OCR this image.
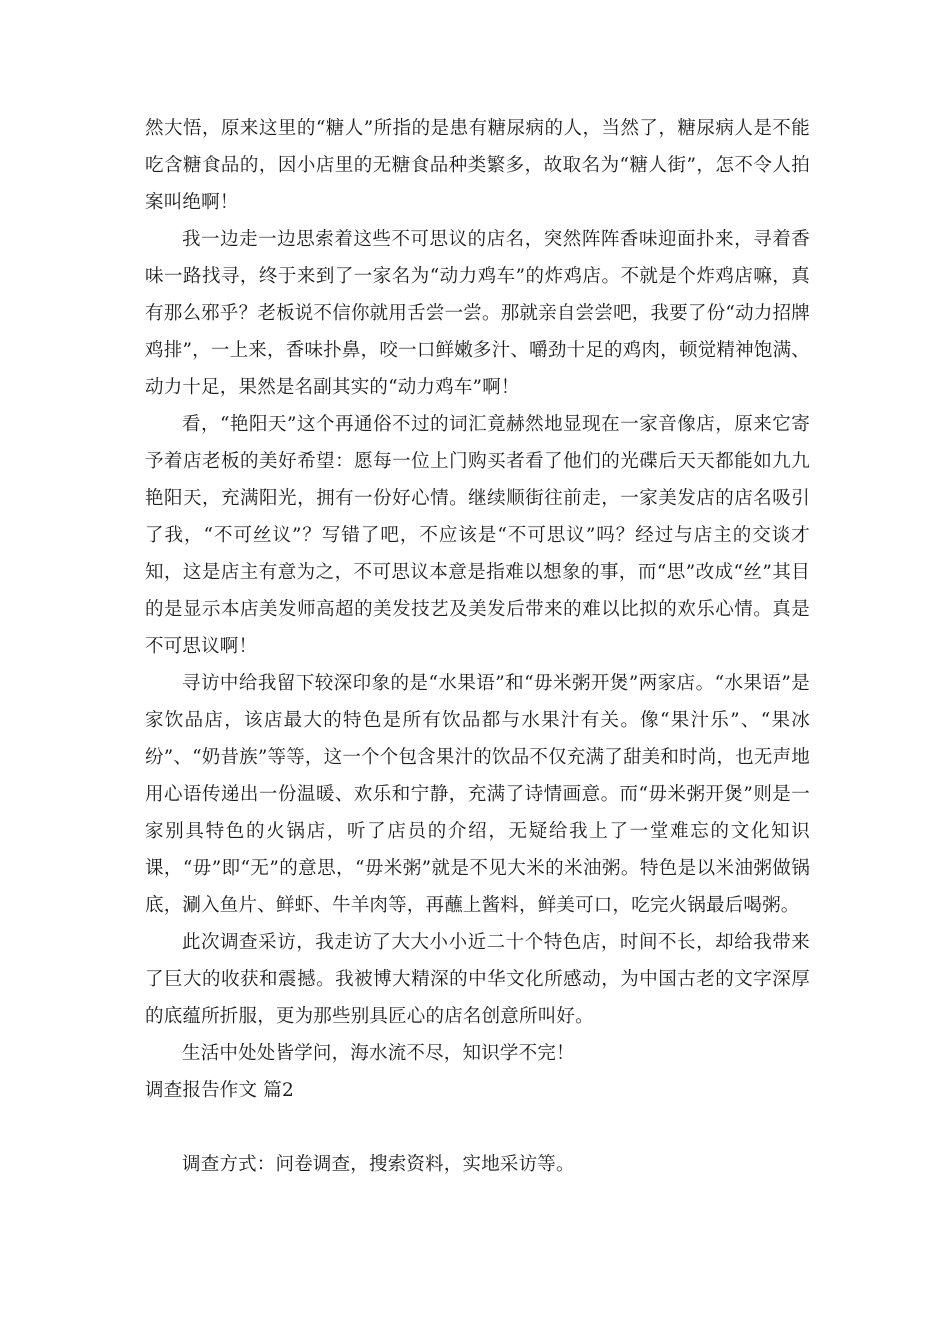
然大悟，原来这里的“糖人”所指的是患有糖尿病的人，当然了，糖尿病人是不能吃含糖食品的，因小店里的无糖食品种类繁多，故取名为“糖人街”，怎不令人拍案叫绝啊！

我一边走一边思索着这些不可思议的店名，突然阵阵香味迎面扑来，寻着香味一路找寻，终于来到了一家名为“动力鸡车”的炸鸡店。不就是个炸鸡店嘛，真有那么邪乎？老板说不信你就用舌尝一尝。那就亲自尝尝吧，我要了份“动力招牌鸡排”，一上来，香味扑鼻，咬一口鲜嫩多汁、嚼劲十足的鸡肉，顿觉精神饱满、动力十足，果然是名副其实的“动力鸡车”啊！

看，“艳阳天”这个再通俗不过的词汇竟赫然地显现在一家音像店，原来它寄予着店老板的美好希望：愿每一位上门购买者看了他们的光碟后天天都能如九九艳阳天，充满阳光，拥有一份好心情。继续顺街往前走，一家美发店的店名吸引了我，“不可丝议”？写错了吧，不应该是“不可思议”吗？经过与店主的交谈才知，这是店主有意为之，不可思议本意是指难以想象的事，而“思”改成“丝”其目的是显示本店美发师高超的美发技艺及美发后带来的难以比拟的欢乐心情。真是不可思议啊！

寻访中给我留下较深印象的是“水果语”和“毋米粥开煲”两家店。“水果语”是家饮品店，该店最大的特色是所有饮品都与水果汁有关。像“果汁乐”、“果冰纷”、“奶昔族”等等，这一个个包含果汁的饮品不仅充满了甜美和时尚，也无声地用心语传递出一份温暖、欢乐和宁静，充满了诗情画意。而“毋米粥开煲”则是一家别具特色的火锅店，听了店员的介绍，无疑给我上了一堂难忘的文化知识课，“毋”即“无”的意思，“毋米粥”就是不见大米的米油粥。特色是以米油粥做锅底，涮入鱼片、鲜虾、牛羊肉等，再蘸上酱料，鲜美可口，吃完火锅最后喝粥。

此次调查采访，我走访了大大小小近二十个特色店，时间不长，却给我带来了巨大的收获和震撼。我被博大精深的中华文化所感动，为中国古老的文字深厚的底蕴所折服，更为那些别具匠心的店名创意所叫好。

生活中处处皆学问，海水流不尽，知识学不完！

调查报告作文 篇2

调查方式：问卷调查，搜索资料，实地采访等。
